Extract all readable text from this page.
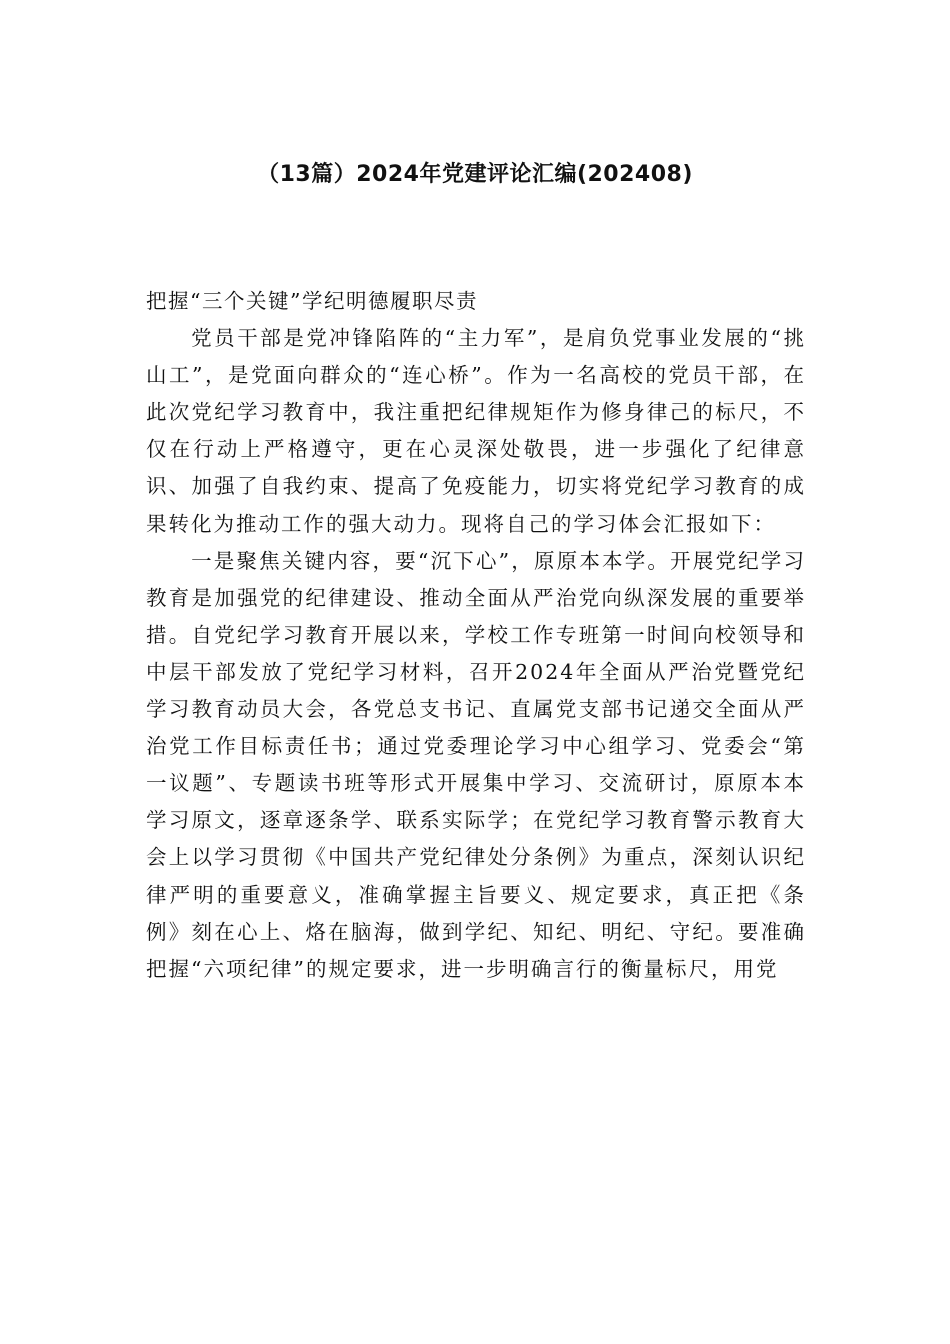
（13篇）2024年党建评论汇编(202408)

把握“三个关键”学纪明德履职尽责

党员干部是党冲锋陷阵的“主力军”，是肩负党事业发展的“挑山工”，是党面向群众的“连心桥”。作为一名高校的党员干部，在此次党纪学习教育中，我注重把纪律规矩作为修身律己的标尺，不仅在行动上严格遵守，更在心灵深处敬畏，进一步强化了纪律意识、加强了自我约束、提高了免疫能力，切实将党纪学习教育的成果转化为推动工作的强大动力。现将自己的学习体会汇报如下：

一是聚焦关键内容，要“沉下心”，原原本本学。开展党纪学习教育是加强党的纪律建设、推动全面从严治党向纵深发展的重要举措。自党纪学习教育开展以来，学校工作专班第一时间向校领导和中层干部发放了党纪学习材料，召开2024年全面从严治党暨党纪学习教育动员大会，各党总支书记、直属党支部书记递交全面从严治党工作目标责任书；通过党委理论学习中心组学习、党委会“第一议题”、专题读书班等形式开展集中学习、交流研讨，原原本本学习原文，逐章逐条学、联系实际学；在党纪学习教育警示教育大会上以学习贯彻《中国共产党纪律处分条例》为重点，深刻认识纪律严明的重要意义，准确掌握主旨要义、规定要求，真正把《条例》刻在心上、烙在脑海，做到学纪、知纪、明纪、守纪。要准确把握“六项纪律”的规定要求，进一步明确言行的衡量标尺，用党
